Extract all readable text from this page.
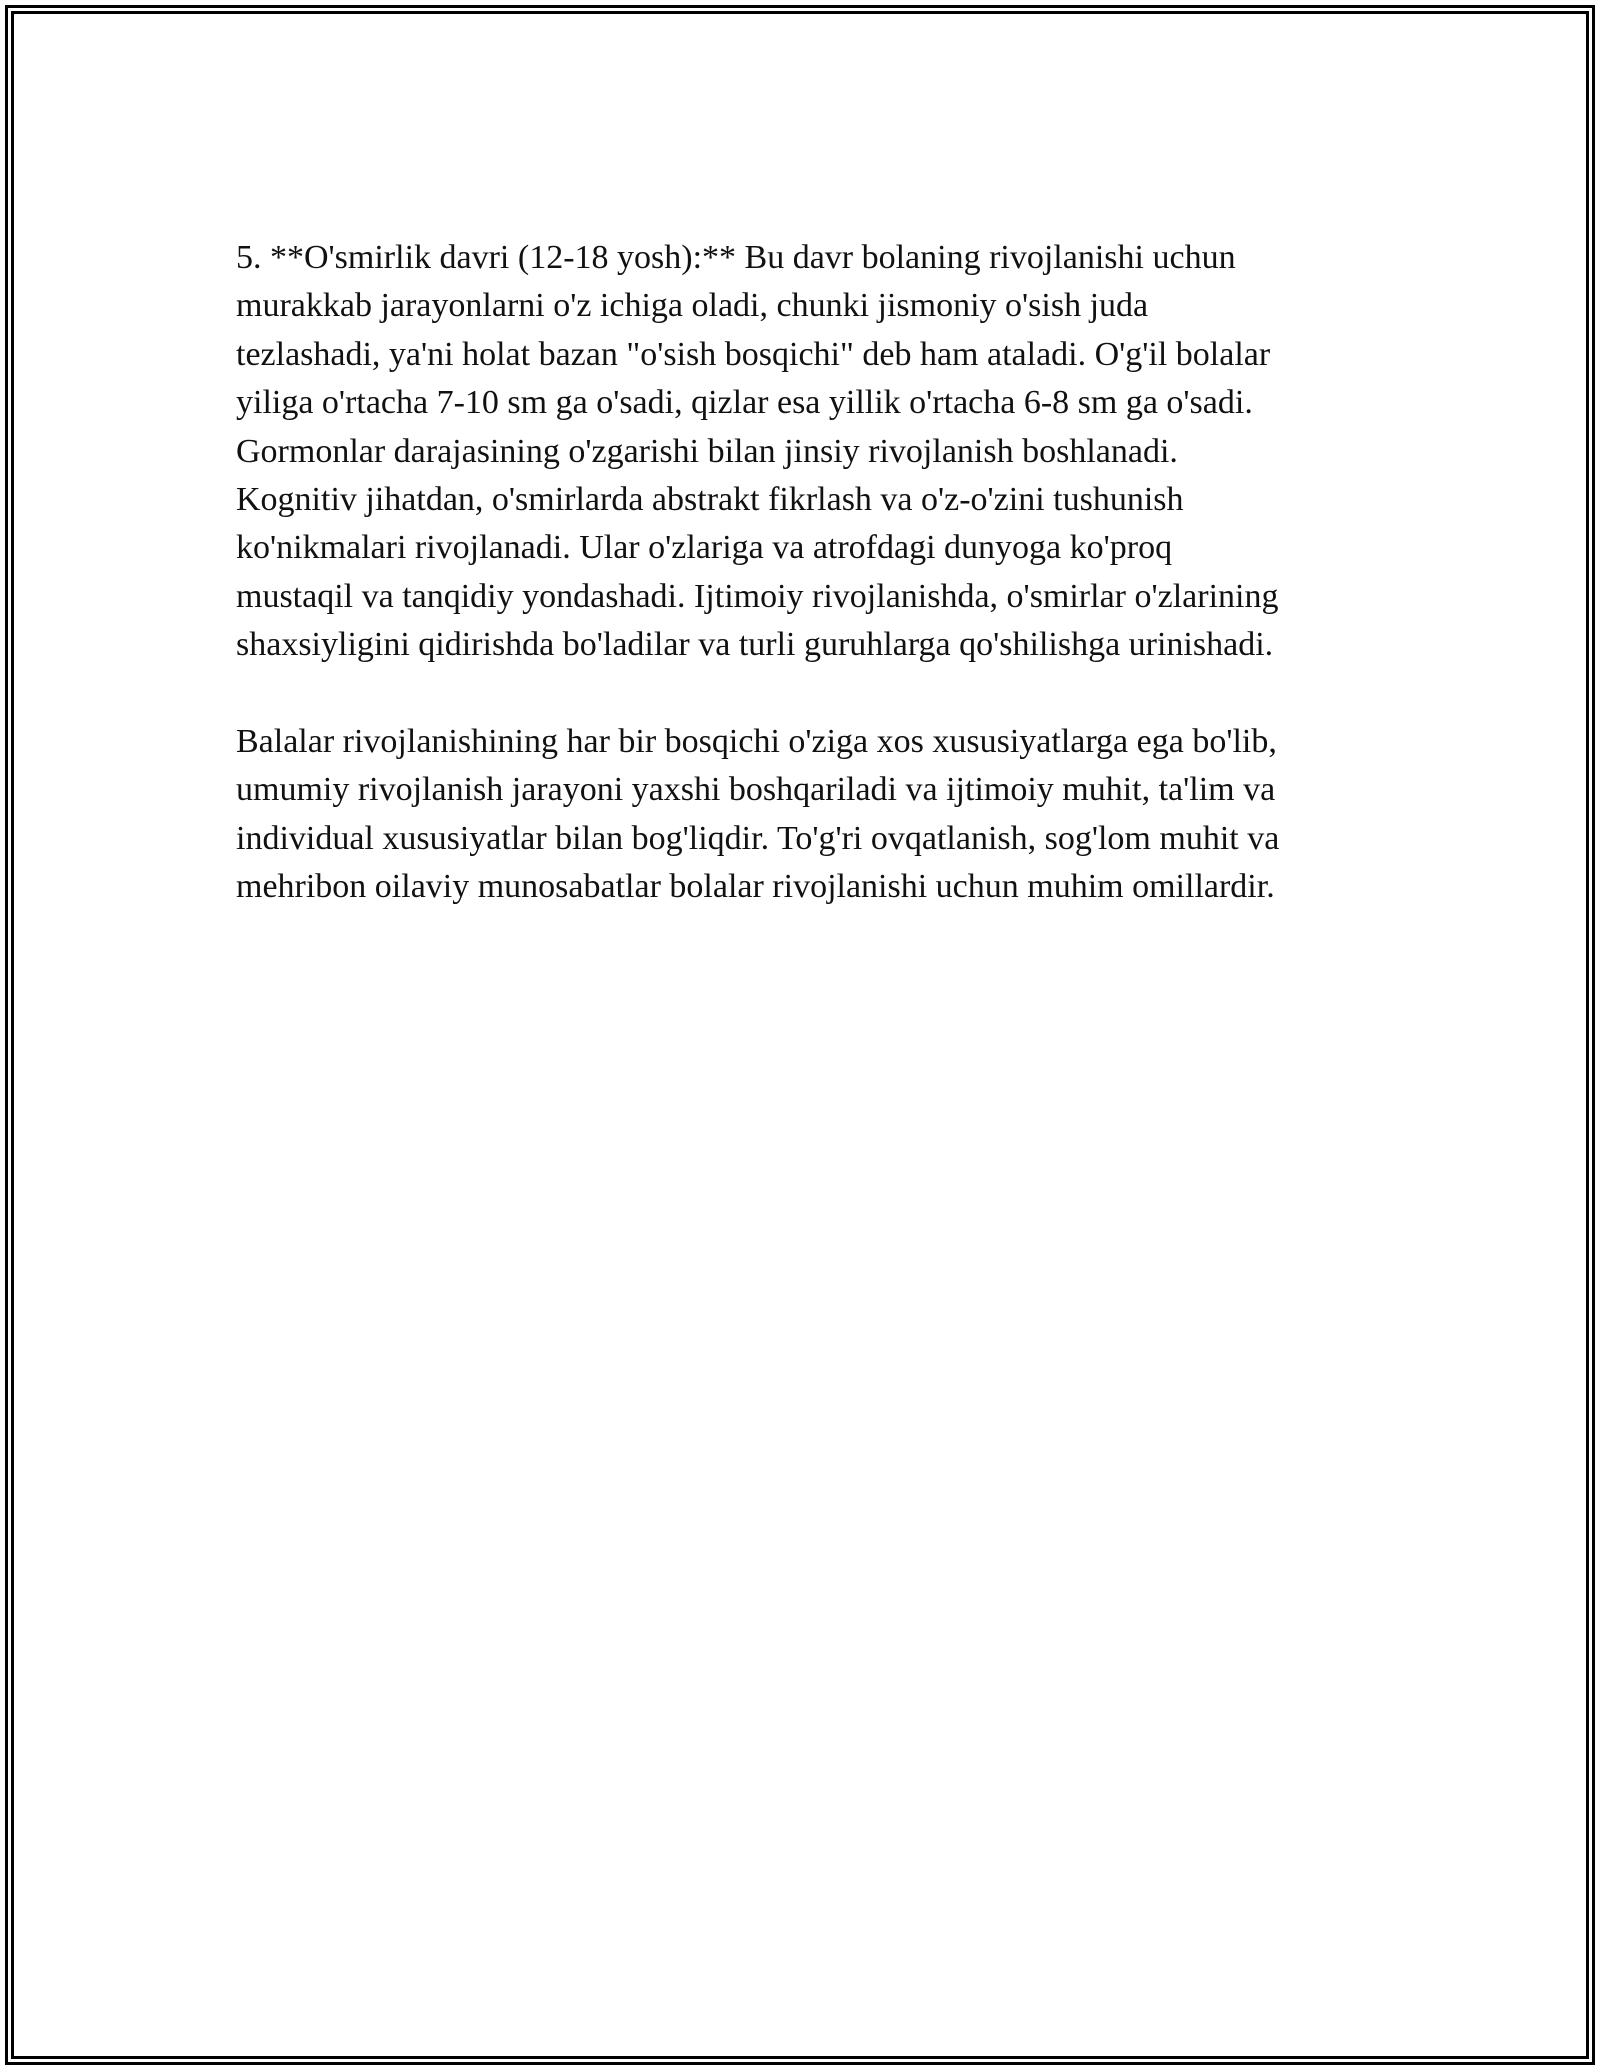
5. **O'smirlik davri (12-18 yosh):** Bu davr bolaning rivojlanishi uchun
murakkab jarayonlarni o'z ichiga oladi, chunki jismoniy o'sish juda
tezlashadi, ya'ni holat bazan "o'sish bosqichi" deb ham ataladi. O'g'il bolalar
yiliga o'rtacha 7-10 sm ga o'sadi, qizlar esa yillik o'rtacha 6-8 sm ga o'sadi.
Gormonlar darajasining o'zgarishi bilan jinsiy rivojlanish boshlanadi.
Kognitiv jihatdan, o'smirlarda abstrakt fikrlash va o'z-o'zini tushunish
ko'nikmalari rivojlanadi. Ular o'zlariga va atrofdagi dunyoga ko'proq
mustaqil va tanqidiy yondashadi. Ijtimoiy rivojlanishda, o'smirlar o'zlarining
shaxsiyligini qidirishda bo'ladilar va turli guruhlarga qo'shilishga urinishadi.

Balalar rivojlanishining har bir bosqichi o'ziga xos xususiyatlarga ega bo'lib,
umumiy rivojlanish jarayoni yaxshi boshqariladi va ijtimoiy muhit, ta'lim va
individual xususiyatlar bilan bog'liqdir. To'g'ri ovqatlanish, sog'lom muhit va
mehribon oilaviy munosabatlar bolalar rivojlanishi uchun muhim omillardir.
